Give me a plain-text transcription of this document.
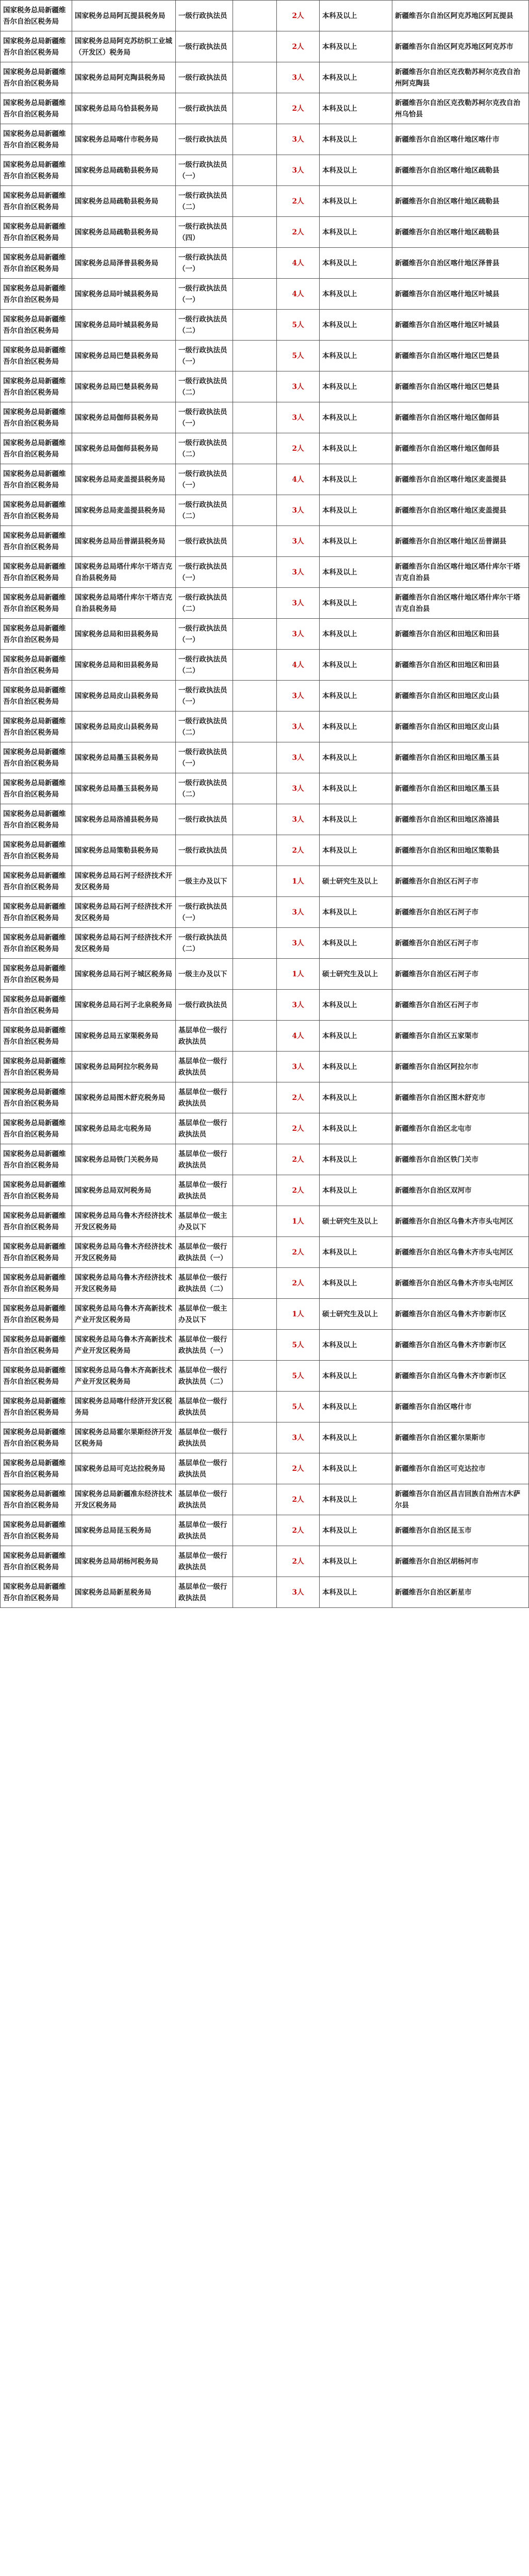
国家税务总局新疆维吾尔自治区税务局	国家税务总局阿瓦提县税务局	一级行政执法员		2人	本科及以上	新疆维吾尔自治区阿克苏地区阿瓦提县
国家税务总局新疆维吾尔自治区税务局	国家税务总局阿克苏纺织工业城（开发区）税务局	一级行政执法员		2人	本科及以上	新疆维吾尔自治区阿克苏地区阿克苏市
国家税务总局新疆维吾尔自治区税务局	国家税务总局阿克陶县税务局	一级行政执法员		3人	本科及以上	新疆维吾尔自治区克孜勒苏柯尔克孜自治州阿克陶县
国家税务总局新疆维吾尔自治区税务局	国家税务总局乌恰县税务局	一级行政执法员		2人	本科及以上	新疆维吾尔自治区克孜勒苏柯尔克孜自治州乌恰县
国家税务总局新疆维吾尔自治区税务局	国家税务总局喀什市税务局	一级行政执法员		3人	本科及以上	新疆维吾尔自治区喀什地区喀什市
国家税务总局新疆维吾尔自治区税务局	国家税务总局疏勒县税务局	一级行政执法员（一）		3人	本科及以上	新疆维吾尔自治区喀什地区疏勒县
国家税务总局新疆维吾尔自治区税务局	国家税务总局疏勒县税务局	一级行政执法员（二）		2人	本科及以上	新疆维吾尔自治区喀什地区疏勒县
国家税务总局新疆维吾尔自治区税务局	国家税务总局疏勒县税务局	一级行政执法员（四）		2人	本科及以上	新疆维吾尔自治区喀什地区疏勒县
国家税务总局新疆维吾尔自治区税务局	国家税务总局泽普县税务局	一级行政执法员（一）		4人	本科及以上	新疆维吾尔自治区喀什地区泽普县
国家税务总局新疆维吾尔自治区税务局	国家税务总局叶城县税务局	一级行政执法员（一）		4人	本科及以上	新疆维吾尔自治区喀什地区叶城县
国家税务总局新疆维吾尔自治区税务局	国家税务总局叶城县税务局	一级行政执法员（二）		5人	本科及以上	新疆维吾尔自治区喀什地区叶城县
国家税务总局新疆维吾尔自治区税务局	国家税务总局巴楚县税务局	一级行政执法员（一）		5人	本科及以上	新疆维吾尔自治区喀什地区巴楚县
国家税务总局新疆维吾尔自治区税务局	国家税务总局巴楚县税务局	一级行政执法员（二）		3人	本科及以上	新疆维吾尔自治区喀什地区巴楚县
国家税务总局新疆维吾尔自治区税务局	国家税务总局伽师县税务局	一级行政执法员（一）		3人	本科及以上	新疆维吾尔自治区喀什地区伽师县
国家税务总局新疆维吾尔自治区税务局	国家税务总局伽师县税务局	一级行政执法员（二）		2人	本科及以上	新疆维吾尔自治区喀什地区伽师县
国家税务总局新疆维吾尔自治区税务局	国家税务总局麦盖提县税务局	一级行政执法员（一）		4人	本科及以上	新疆维吾尔自治区喀什地区麦盖提县
国家税务总局新疆维吾尔自治区税务局	国家税务总局麦盖提县税务局	一级行政执法员（二）		3人	本科及以上	新疆维吾尔自治区喀什地区麦盖提县
国家税务总局新疆维吾尔自治区税务局	国家税务总局岳普湖县税务局	一级行政执法员		3人	本科及以上	新疆维吾尔自治区喀什地区岳普湖县
国家税务总局新疆维吾尔自治区税务局	国家税务总局塔什库尔干塔吉克自治县税务局	一级行政执法员（一）		3人	本科及以上	新疆维吾尔自治区喀什地区塔什库尔干塔吉克自治县
国家税务总局新疆维吾尔自治区税务局	国家税务总局塔什库尔干塔吉克自治县税务局	一级行政执法员（二）		3人	本科及以上	新疆维吾尔自治区喀什地区塔什库尔干塔吉克自治县
国家税务总局新疆维吾尔自治区税务局	国家税务总局和田县税务局	一级行政执法员（一）		3人	本科及以上	新疆维吾尔自治区和田地区和田县
国家税务总局新疆维吾尔自治区税务局	国家税务总局和田县税务局	一级行政执法员（二）		4人	本科及以上	新疆维吾尔自治区和田地区和田县
国家税务总局新疆维吾尔自治区税务局	国家税务总局皮山县税务局	一级行政执法员（一）		3人	本科及以上	新疆维吾尔自治区和田地区皮山县
国家税务总局新疆维吾尔自治区税务局	国家税务总局皮山县税务局	一级行政执法员（二）		3人	本科及以上	新疆维吾尔自治区和田地区皮山县
国家税务总局新疆维吾尔自治区税务局	国家税务总局墨玉县税务局	一级行政执法员（一）		3人	本科及以上	新疆维吾尔自治区和田地区墨玉县
国家税务总局新疆维吾尔自治区税务局	国家税务总局墨玉县税务局	一级行政执法员（二）		3人	本科及以上	新疆维吾尔自治区和田地区墨玉县
国家税务总局新疆维吾尔自治区税务局	国家税务总局洛浦县税务局	一级行政执法员		3人	本科及以上	新疆维吾尔自治区和田地区洛浦县
国家税务总局新疆维吾尔自治区税务局	国家税务总局策勒县税务局	一级行政执法员		2人	本科及以上	新疆维吾尔自治区和田地区策勒县
国家税务总局新疆维吾尔自治区税务局	国家税务总局石河子经济技术开发区税务局	一级主办及以下		1人	硕士研究生及以上	新疆维吾尔自治区石河子市
国家税务总局新疆维吾尔自治区税务局	国家税务总局石河子经济技术开发区税务局	一级行政执法员（一）		3人	本科及以上	新疆维吾尔自治区石河子市
国家税务总局新疆维吾尔自治区税务局	国家税务总局石河子经济技术开发区税务局	一级行政执法员（二）		3人	本科及以上	新疆维吾尔自治区石河子市
国家税务总局新疆维吾尔自治区税务局	国家税务总局石河子城区税务局	一级主办及以下		1人	硕士研究生及以上	新疆维吾尔自治区石河子市
国家税务总局新疆维吾尔自治区税务局	国家税务总局石河子北泉税务局	一级行政执法员		3人	本科及以上	新疆维吾尔自治区石河子市
国家税务总局新疆维吾尔自治区税务局	国家税务总局五家渠税务局	基层单位一级行政执法员		4人	本科及以上	新疆维吾尔自治区五家渠市
国家税务总局新疆维吾尔自治区税务局	国家税务总局阿拉尔税务局	基层单位一级行政执法员		3人	本科及以上	新疆维吾尔自治区阿拉尔市
国家税务总局新疆维吾尔自治区税务局	国家税务总局图木舒克税务局	基层单位一级行政执法员		2人	本科及以上	新疆维吾尔自治区图木舒克市
国家税务总局新疆维吾尔自治区税务局	国家税务总局北屯税务局	基层单位一级行政执法员		2人	本科及以上	新疆维吾尔自治区北屯市
国家税务总局新疆维吾尔自治区税务局	国家税务总局铁门关税务局	基层单位一级行政执法员		2人	本科及以上	新疆维吾尔自治区铁门关市
国家税务总局新疆维吾尔自治区税务局	国家税务总局双河税务局	基层单位一级行政执法员		2人	本科及以上	新疆维吾尔自治区双河市
国家税务总局新疆维吾尔自治区税务局	国家税务总局乌鲁木齐经济技术开发区税务局	基层单位一级主办及以下		1人	硕士研究生及以上	新疆维吾尔自治区乌鲁木齐市头屯河区
国家税务总局新疆维吾尔自治区税务局	国家税务总局乌鲁木齐经济技术开发区税务局	基层单位一级行政执法员（一）		2人	本科及以上	新疆维吾尔自治区乌鲁木齐市头屯河区
国家税务总局新疆维吾尔自治区税务局	国家税务总局乌鲁木齐经济技术开发区税务局	基层单位一级行政执法员（二）		2人	本科及以上	新疆维吾尔自治区乌鲁木齐市头屯河区
国家税务总局新疆维吾尔自治区税务局	国家税务总局乌鲁木齐高新技术产业开发区税务局	基层单位一级主办及以下		1人	硕士研究生及以上	新疆维吾尔自治区乌鲁木齐市新市区
国家税务总局新疆维吾尔自治区税务局	国家税务总局乌鲁木齐高新技术产业开发区税务局	基层单位一级行政执法员（一）		5人	本科及以上	新疆维吾尔自治区乌鲁木齐市新市区
国家税务总局新疆维吾尔自治区税务局	国家税务总局乌鲁木齐高新技术产业开发区税务局	基层单位一级行政执法员（二）		5人	本科及以上	新疆维吾尔自治区乌鲁木齐市新市区
国家税务总局新疆维吾尔自治区税务局	国家税务总局喀什经济开发区税务局	基层单位一级行政执法员		5人	本科及以上	新疆维吾尔自治区喀什市
国家税务总局新疆维吾尔自治区税务局	国家税务总局霍尔果斯经济开发区税务局	基层单位一级行政执法员		3人	本科及以上	新疆维吾尔自治区霍尔果斯市
国家税务总局新疆维吾尔自治区税务局	国家税务总局可克达拉税务局	基层单位一级行政执法员		2人	本科及以上	新疆维吾尔自治区可克达拉市
国家税务总局新疆维吾尔自治区税务局	国家税务总局新疆准东经济技术开发区税务局	基层单位一级行政执法员		2人	本科及以上	新疆维吾尔自治区昌吉回族自治州吉木萨尔县
国家税务总局新疆维吾尔自治区税务局	国家税务总局昆玉税务局	基层单位一级行政执法员		2人	本科及以上	新疆维吾尔自治区昆玉市
国家税务总局新疆维吾尔自治区税务局	国家税务总局胡杨河税务局	基层单位一级行政执法员		2人	本科及以上	新疆维吾尔自治区胡杨河市
国家税务总局新疆维吾尔自治区税务局	国家税务总局新星税务局	基层单位一级行政执法员		3人	本科及以上	新疆维吾尔自治区新星市
